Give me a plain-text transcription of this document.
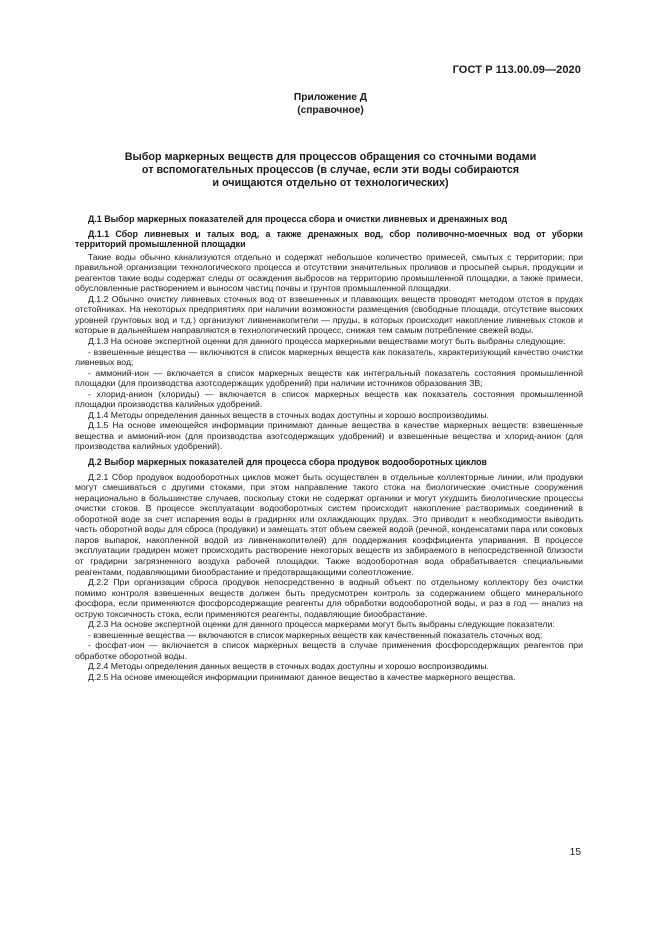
ГОСТ Р 113.00.09—2020
Приложение Д
(справочное)
Выбор маркерных веществ для процессов обращения со сточными водами
от вспомогательных процессов (в случае, если эти воды собираются
и очищаются отдельно от технологических)

Д.1 Выбор маркерных показателей для процесса сбора и очистки ливневых и дренажных вод

Д.1.1 Сбор ливневых и талых вод, а также дренажных вод, сбор поливочно-моечных вод от уборки территорий промышленной площадки

Такие воды обычно канализуются отдельно и содержат небольшое количество примесей, смытых с территории; при правильной организации технологического процесса и отсутствии значительных проливов и просыпей сырья, продукции и реагентов такие воды содержат следы от осаждения выбросов на территорию промышленной площадки, а также примеси, обусловленные растворением и выносом частиц почвы и грунтов промышленной площадки.

Д.1.2 Обычно очистку ливневых сточных вод от взвешенных и плавающих веществ проводят методом отстоя в прудах отстойниках. На некоторых предприятиях при наличии возможности размещения (свободные площади, отсутствие высоких уровней грунтовых вод и т.д.) организуют ливненакопители — пруды, в которых происходит накопление ливневых стоков и которые в дальнейшем направляются в технологический процесс, снижая тем самым потребление свежей воды.

Д.1.3 На основе экспертной оценки для данного процесса маркерными веществами могут быть выбраны следующие:

- взвешенные вещества — включаются в список маркерных веществ как показатель, характеризующий качество очистки ливневых вод;

- аммоний-ион — включается в список маркерных веществ как интегральный показатель состояния промышленной площадки (для производства азотсодержащих удобрений) при наличии источников образования ЗВ;

- хлорид-анион (хлориды) — включается в список маркерных веществ как показатель состояния промышленной площадки производства калийных удобрений.

Д.1.4 Методы определения данных веществ в сточных водах доступны и хорошо воспроизводимы.

Д.1.5 На основе имеющейся информации принимают данные вещества в качестве маркерных веществ: взвешенные вещества и аммоний-ион (для производства азотсодержащих удобрений) и взвешенные вещества и хлорид-анион (для производства калийных удобрений).

Д.2 Выбор маркерных показателей для процесса сбора продувок водооборотных циклов

Д.2.1 Сбор продувок водооборотных циклов может быть осуществлен в отдельные коллекторные линии, или продувки могут смешиваться с другими стоками, при этом направление такого стока на биологические очистные сооружения нерационально в большинстве случаев, поскольку стоки не содержат органики и могут ухудшить биологические процессы очистки стоков. В процессе эксплуатации водооборотных систем происходит накопление растворимых соединений в оборотной воде за счет испарения воды в градирнях или охлаждающих прудах. Это приводит к необходимости выводить часть оборотной воды для сброса (продувки) и замещать этот объем свежей водой (речной, конденсатами пара или соковых паров выпарок, накопленной водой из ливненакопителей) для поддержания коэффициента упаривания. В процессе эксплуатации градирен может происходить растворение некоторых веществ из забираемого в непосредственной близости от градирни загрязненного воздуха рабочей площадки. Также водооборотная вода обрабатывается специальными реагентами, подавляющими биообрастание и предотвращающими солеотложение.

Д.2.2 При организации сброса продувок непосредственно в водный объект по отдельному коллектору без очистки помимо контроля взвешенных веществ должен быть предусмотрен контроль за содержанием общего минерального фосфора, если применяются фосфорсодержащие реагенты для обработки водооборотной воды, и раз в год — анализ на острую токсичность стока, если применяются реагенты, подавляющие биообрастание.

Д.2.3 На основе экспертной оценки для данного процесса маркерами могут быть выбраны следующие показатели:

- взвешенные вещества — включаются в список маркерных веществ как качественный показатель сточных вод;

- фосфат-ион — включается в список маркерных веществ в случае применения фосфорсодержащих реагентов при обработке оборотной воды.

Д.2.4 Методы определения данных веществ в сточных водах доступны и хорошо воспроизводимы.

Д.2.5 На основе имеющейся информации принимают данное вещество в качестве маркерного вещества.

15
